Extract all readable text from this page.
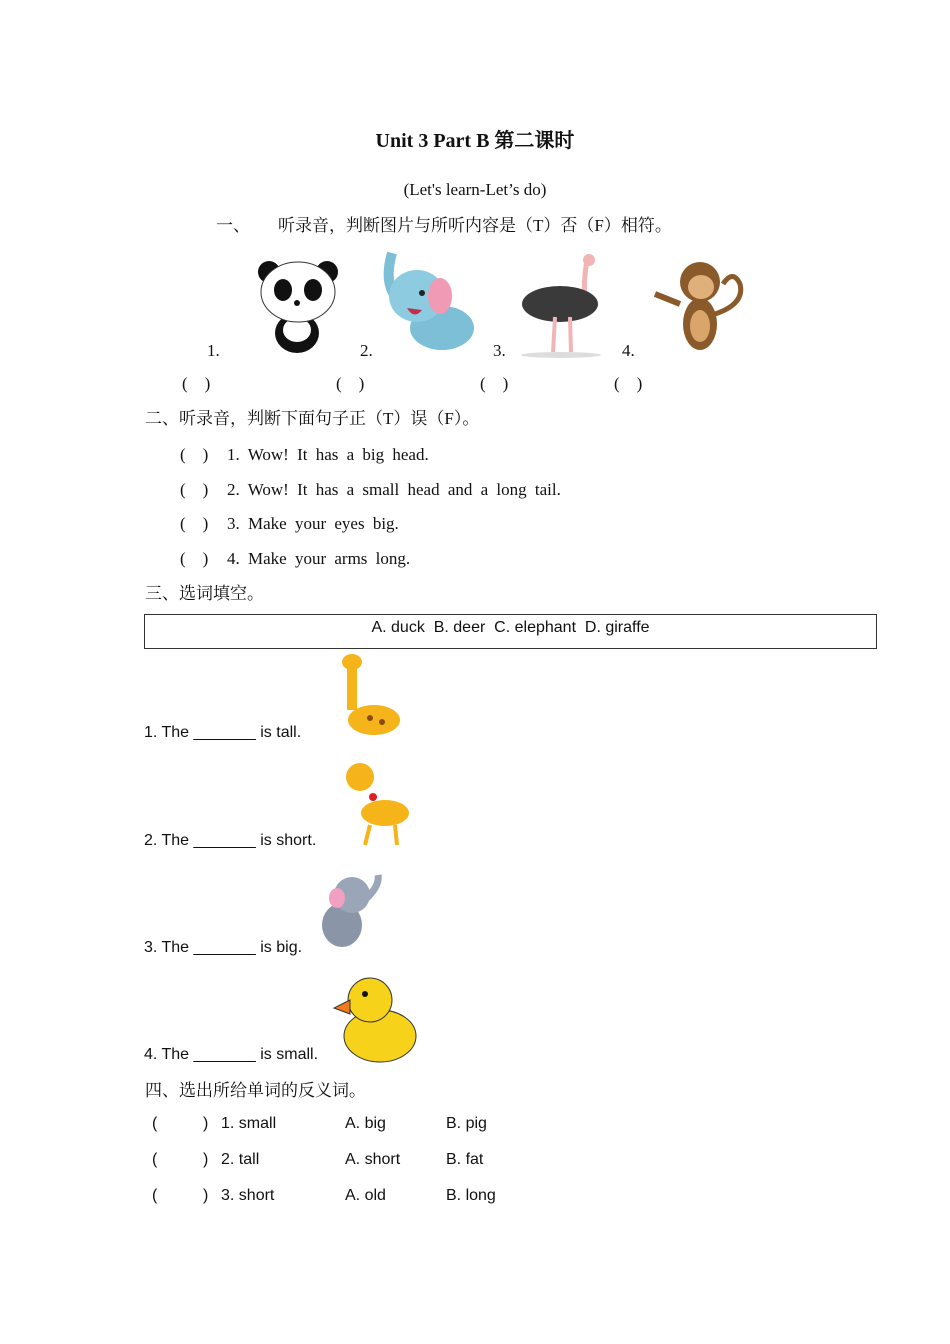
Unit 3 Part B 第二课时
(Let's learn-Let’s do)
一、 听录音，判断图片与所听内容是（T）否（F）相符。
1.	2.	3.	4.
(    )	(    )	(    )	(    )
二、听录音，判断下面句子正（T）误（F）。
(    ) 1. Wow! It has a big head.
(    ) 2. Wow! It has a small head and a long tail.
(    ) 3. Make your eyes big.
(    ) 4. Make your arms long.
三、选词填空。
A. duck  B. deer  C. elephant  D. giraffe
1. The _______ is tall.
2. The _______ is short.
3. The _______ is big.
4. The _______ is small.
四、选出所给单词的反义词。
(	) 1. small	A. big	B. pig
(	) 2. tall	A. short	B. fat
(	) 3. short	A. old	B. long
